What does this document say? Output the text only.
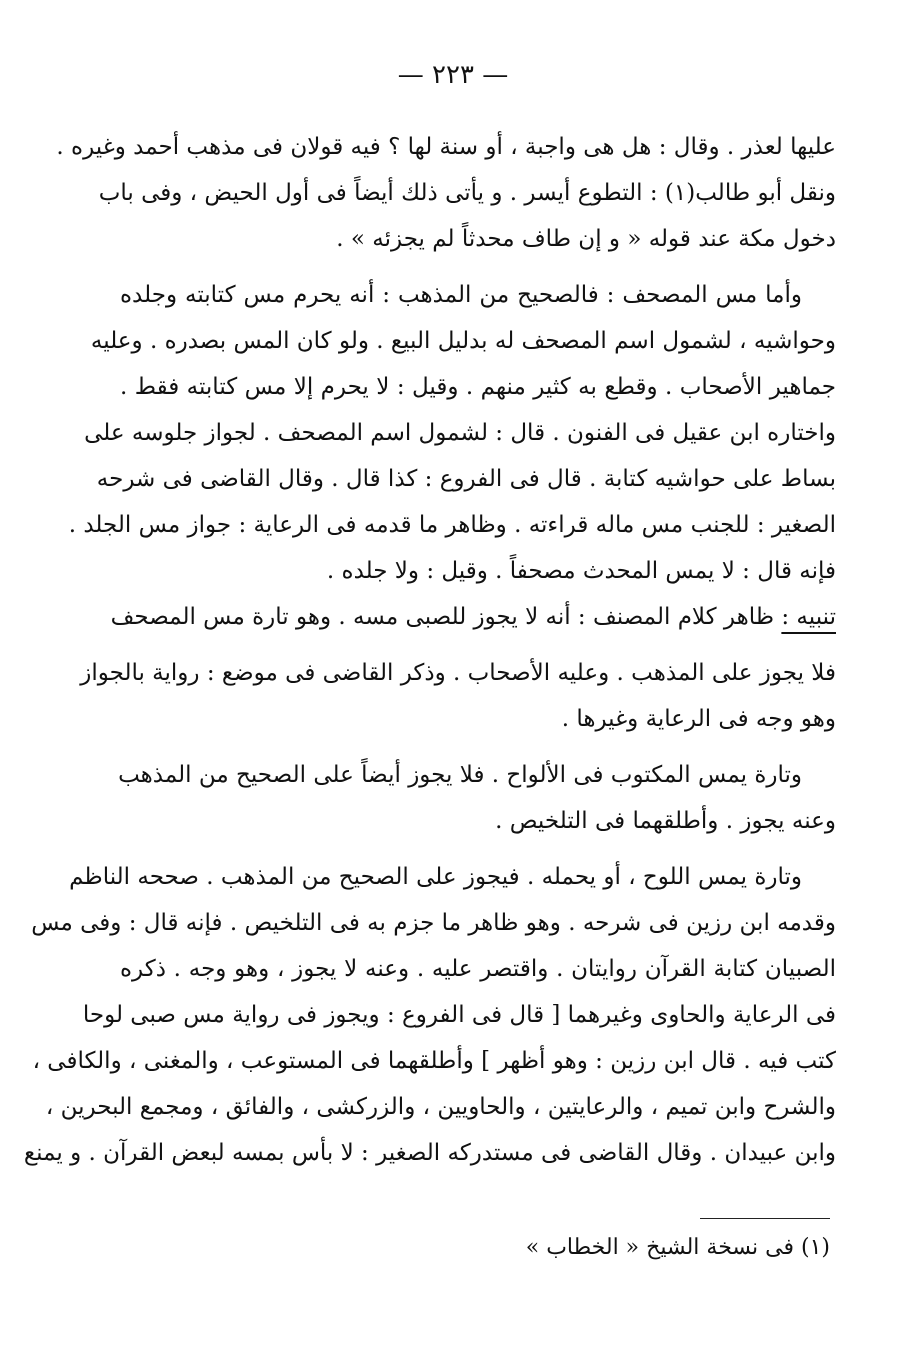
— ٢٢٣ —
عليها لعذر . وقال : هل هى واجبة ، أو سنة لها ؟ فيه قولان فى مذهب أحمد وغيره .
ونقل أبو طالب(١) : التطوع أيسر . و يأتى ذلك أيضاً فى أول الحيض ، وفى باب
دخول مكة عند قوله « و إن طاف محدثاً لم يجزئه » .
وأما مس المصحف : فالصحيح من المذهب : أنه يحرم مس كتابته وجلده
وحواشيه ، لشمول اسم المصحف له بدليل البيع . ولو كان المس بصدره . وعليه
جماهير الأصحاب . وقطع به كثير منهم . وقيل : لا يحرم إلا مس كتابته فقط .
واختاره ابن عقيل فى الفنون . قال : لشمول اسم المصحف . لجواز جلوسه على
بساط على حواشيه كتابة . قال فى الفروع : كذا قال . وقال القاضى فى شرحه
الصغير : للجنب مس ماله قراءته . وظاهر ما قدمه فى الرعاية : جواز مس الجلد .
فإنه قال : لا يمس المحدث مصحفاً . وقيل : ولا جلده .
تنبيه : ظاهر كلام المصنف : أنه لا يجوز للصبى مسه . وهو تارة مس المصحف
فلا يجوز على المذهب . وعليه الأصحاب . وذكر القاضى فى موضع : رواية بالجواز
وهو وجه فى الرعاية وغيرها .
وتارة يمس المكتوب فى الألواح . فلا يجوز أيضاً على الصحيح من المذهب
وعنه يجوز . وأطلقهما فى التلخيص .
وتارة يمس اللوح ، أو يحمله . فيجوز على الصحيح من المذهب . صححه الناظم
وقدمه ابن رزين فى شرحه . وهو ظاهر ما جزم به فى التلخيص . فإنه قال : وفى مس
الصبيان كتابة القرآن روايتان . واقتصر عليه . وعنه لا يجوز ، وهو وجه . ذكره
فى الرعاية والحاوى وغيرهما [ قال فى الفروع : ويجوز فى رواية مس صبى لوحا
كتب فيه . قال ابن رزين : وهو أظهر ] وأطلقهما فى المستوعب ، والمغنى ، والكافى ،
والشرح وابن تميم ، والرعايتين ، والحاويين ، والزركشى ، والفائق ، ومجمع البحرين ،
وابن عبيدان . وقال القاضى فى مستدركه الصغير : لا بأس بمسه لبعض القرآن . و يمنع
(١) فى نسخة الشيخ « الخطاب »
